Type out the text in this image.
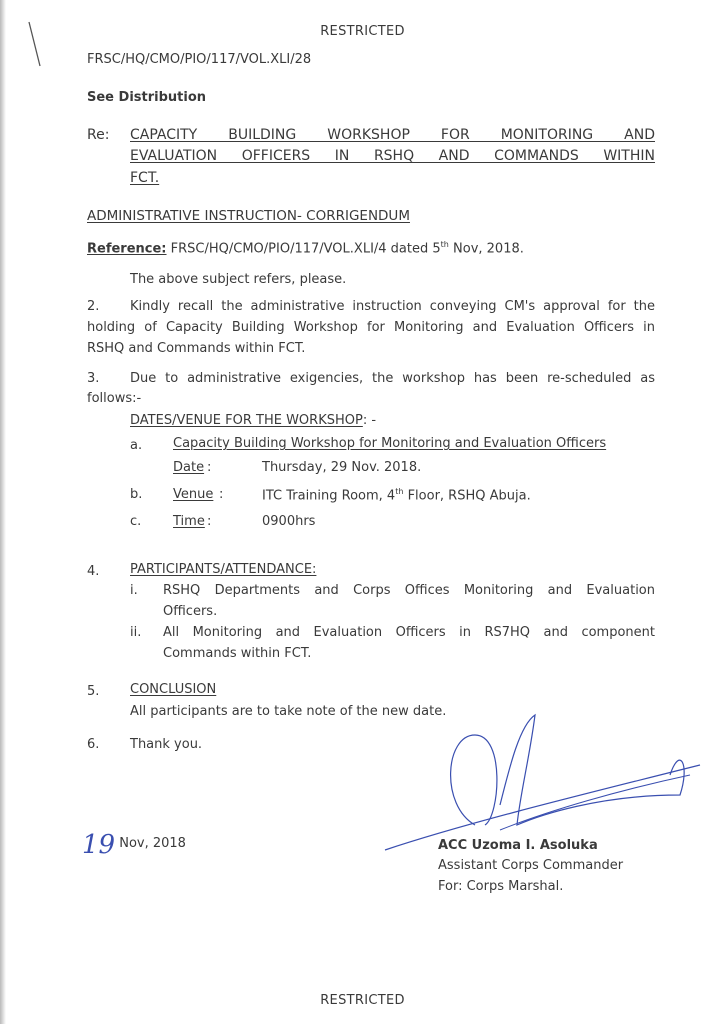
RESTRICTED
FRSC/HQ/CMO/PIO/117/VOL.XLI/28
See Distribution
Re: CAPACITY BUILDING WORKSHOP FOR MONITORING AND
EVALUATION OFFICERS IN RSHQ AND COMMANDS WITHIN
FCT.
ADMINISTRATIVE INSTRUCTION- CORRIGENDUM
Reference: FRSC/HQ/CMO/PIO/117/VOL.XLI/4 dated 5th Nov, 2018.
The above subject refers, please.
2. Kindly recall the administrative instruction conveying CM's approval for the
holding of Capacity Building Workshop for Monitoring and Evaluation Officers in
RSHQ and Commands within FCT.
3. Due to administrative exigencies, the workshop has been re-scheduled as
follows:-
DATES/VENUE FOR THE WORKSHOP: -
a. Capacity Building Workshop for Monitoring and Evaluation Officers
Date :	Thursday, 29 Nov. 2018.
b. Venue :	ITC Training Room, 4th Floor, RSHQ Abuja.
c. Time :	0900hrs
4. PARTICIPANTS/ATTENDANCE:
i. RSHQ Departments and Corps Offices Monitoring and Evaluation
Officers.
ii. All Monitoring and Evaluation Officers in RS7HQ and component
Commands within FCT.
5. CONCLUSION
All participants are to take note of the new date.
6. Thank you.
19 Nov, 2018	ACC Uzoma I. Asoluka
Assistant Corps Commander
For: Corps Marshal.
RESTRICTED
